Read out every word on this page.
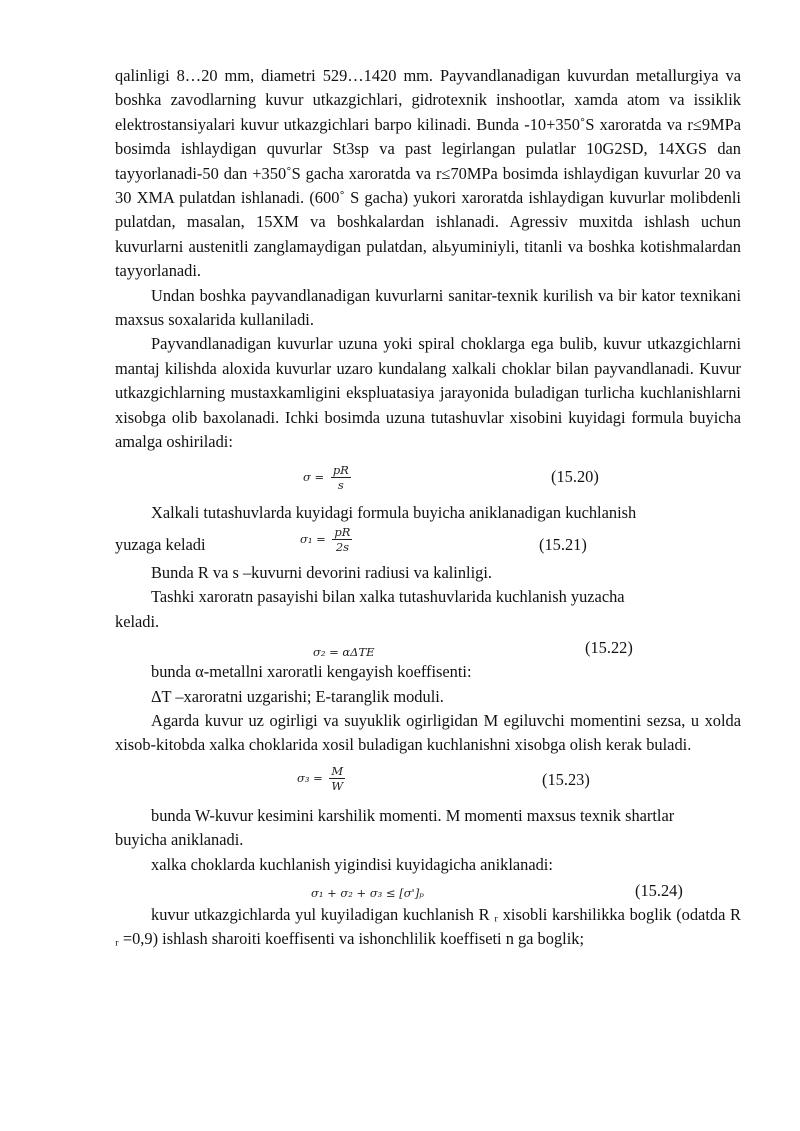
qalinligi 8…20 mm, diametri 529…1420 mm. Payvandlanadigan kuvurdan metallurgiya va boshka zavodlarning kuvur utkazgichlari, gidrotexnik inshootlar, xamda atom va issiklik elektrostansiyalari kuvur utkazgichlari barpo kilinadi. Bunda -10+350˚S xaroratda va r≤9MPa bosimda ishlaydigan quvurlar St3sp va past legirlangan pulatlar 10G2SD, 14XGS dan tayyorlanadi-50 dan +350˚S gacha xaroratda va r≤70MPa bosimda ishlaydigan kuvurlar 20 va 30 XMA pulatdan ishlanadi. (600˚ S gacha) yukori xaroratda ishlaydigan kuvurlar molibdenli pulatdan, masalan, 15XM va boshkalardan ishlanadi. Agressiv muxitda ishlash uchun kuvurlarni austenitli zanglamaydigan pulatdan, alьyuminiyli, titanli va boshka kotishmalardan tayyorlanadi.

Undan boshka payvandlanadigan kuvurlarni sanitar-texnik kurilish va bir kator texnikani maxsus soxalarida kullaniladi.

Payvandlanadigan kuvurlar uzuna yoki spiral choklarga ega bulib, kuvur utkazgichlarni mantaj kilishda aloxida kuvurlar uzaro kundalang xalkali choklar bilan payvandlanadi. Kuvur utkazgichlarning mustaxkamligini ekspluatasiya jarayonida buladigan turlicha kuchlanishlarni xisobga olib baxolanadi. Ichki bosimda uzuna tutashuvlar xisobini kuyidagi formula buyicha amalga oshiriladi:

$\sigma = \frac{pR}{s}$	(15.20)

Xalkali tutashuvlarda kuyidagi formula buyicha aniklanadigan kuchlanish

yuzaga keladi	$\sigma_1 = \frac{pR}{2s}$	(15.21)

Bunda R va s –kuvurni devorini radiusi va kalinligi.

Tashki xaroratn pasayishi bilan xalka tutashuvlarida kuchlanish yuzacha keladi.

σ₂ = αΔTE	(15.22)

bunda α-metallni xaroratli kengayish koeffisenti:

ΔT –xaroratni uzgarishi; E-taranglik moduli.

Agarda kuvur uz ogirligi va suyuklik ogirligidan M egiluvchi momentini sezsa, u xolda xisob-kitobda xalka choklarida xosil buladigan kuchlanishni xisobga olish kerak buladi.

$\sigma_3 = \frac{M}{W}$	(15.23)

bunda W-kuvur kesimini karshilik momenti. M momenti maxsus texnik shartlar buyicha aniklanadi.

xalka choklarda kuchlanish yigindisi kuyidagicha aniklanadi:

σ₁ + σ₂ + σ₃ ≤ [σ']ₚ	(15.24)

kuvur utkazgichlarda yul kuyiladigan kuchlanish R ᵣ xisobli karshilikka boglik (odatda R ᵣ =0,9) ishlash sharoiti koeffisenti va ishonchlilik koeffiseti n ga boglik;
